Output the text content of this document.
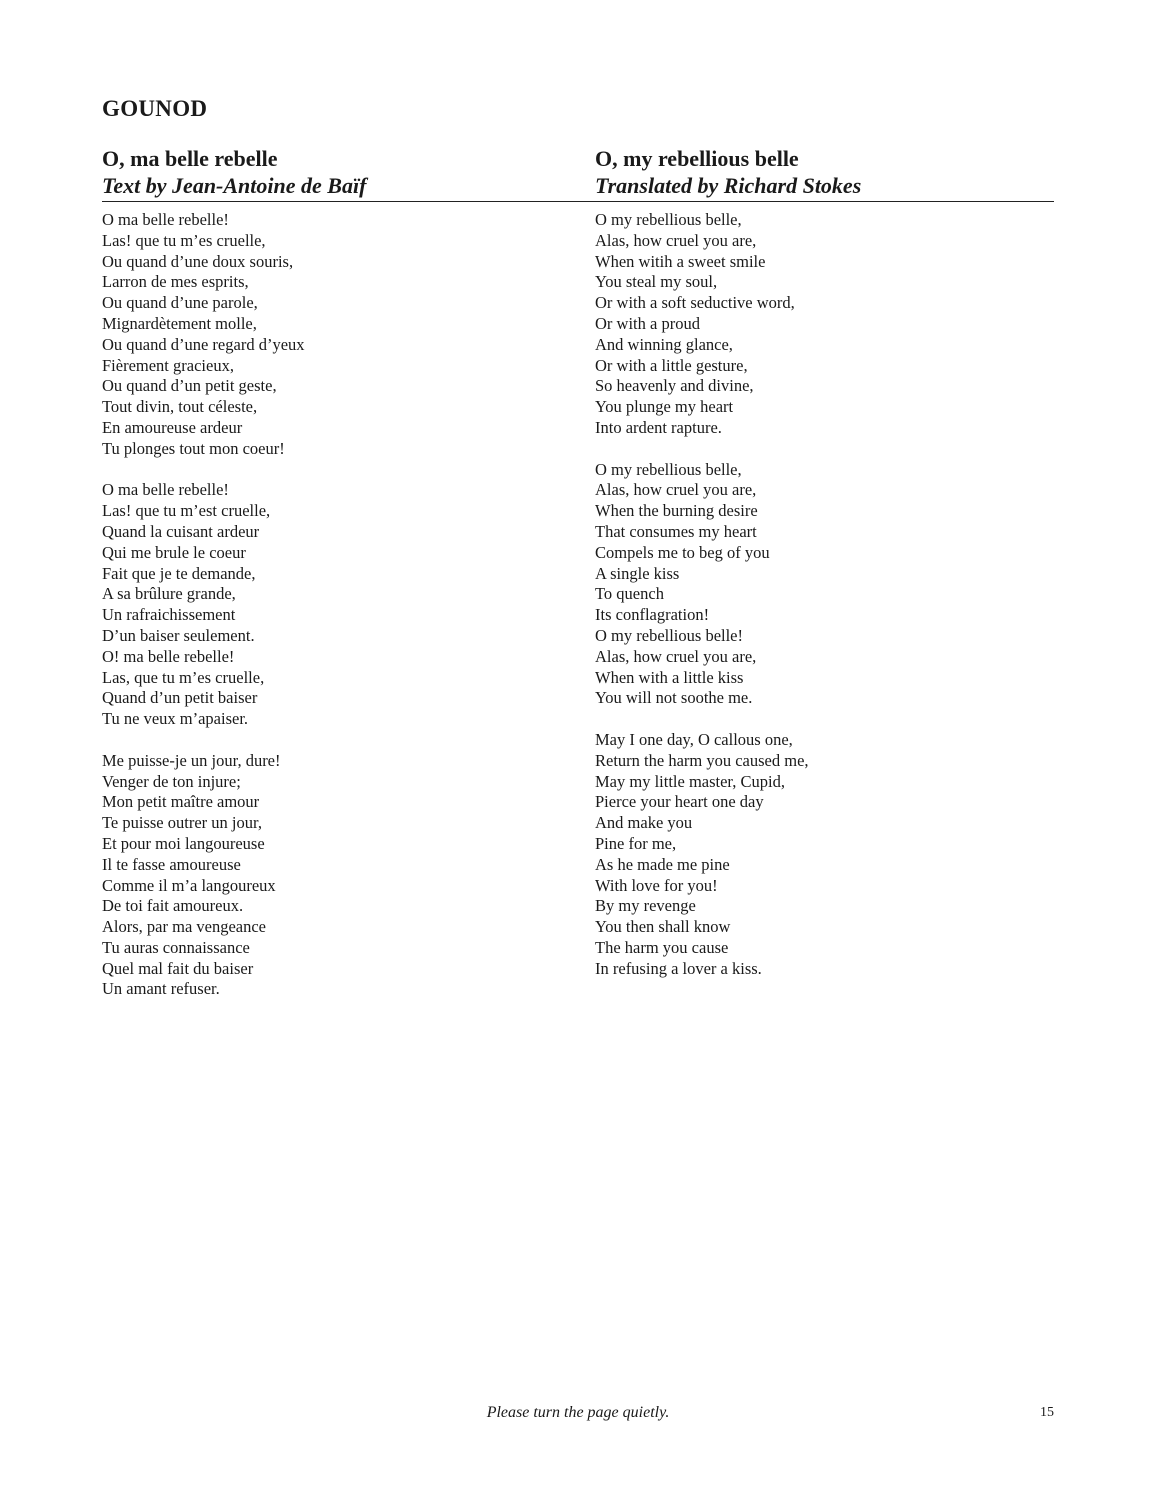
GOUNOD
O, ma belle rebelle
Text by Jean-Antoine de Baïf
O, my rebellious belle
Translated by Richard Stokes
O ma belle rebelle!
Las! que tu m’es cruelle,
Ou quand d’une doux souris,
Larron de mes esprits,
Ou quand d’une parole,
Mignardètement molle,
Ou quand d’une regard d’yeux
Fièrement gracieux,
Ou quand d’un petit geste,
Tout divin, tout céleste,
En amoureuse ardeur
Tu plonges tout mon coeur!
O ma belle rebelle!
Las! que tu m’est cruelle,
Quand la cuisant ardeur
Qui me brule le coeur
Fait que je te demande,
A sa brûlure grande,
Un rafraichissement
D’un baiser seulement.
O! ma belle rebelle!
Las, que tu m’es cruelle,
Quand d’un petit baiser
Tu ne veux m’apaiser.
Me puisse-je un jour, dure!
Venger de ton injure;
Mon petit maître amour
Te puisse outrer un jour,
Et pour moi langoureuse
Il te fasse amoureuse
Comme il m’a langoureux
De toi fait amoureux.
Alors, par ma vengeance
Tu auras connaissance
Quel mal fait du baiser
Un amant refuser.
O my rebellious belle,
Alas, how cruel you are,
When witih a sweet smile
You steal my soul,
Or with a soft seductive word,
Or with a proud
And winning glance,
Or with a little gesture,
So heavenly and divine,
You plunge my heart
Into ardent rapture.
O my rebellious belle,
Alas, how cruel you are,
When the burning desire
That consumes my heart
Compels me to beg of you
A single kiss
To quench
Its conflagration!
O my rebellious belle!
Alas, how cruel you are,
When with a little kiss
You will not soothe me.
May I one day, O callous one,
Return the harm you caused me,
May my little master, Cupid,
Pierce your heart one day
And make you
Pine for me,
As he made me pine
With love for you!
By my revenge
You then shall know
The harm you cause
In refusing a lover a kiss.
Please turn the page quietly.	15
